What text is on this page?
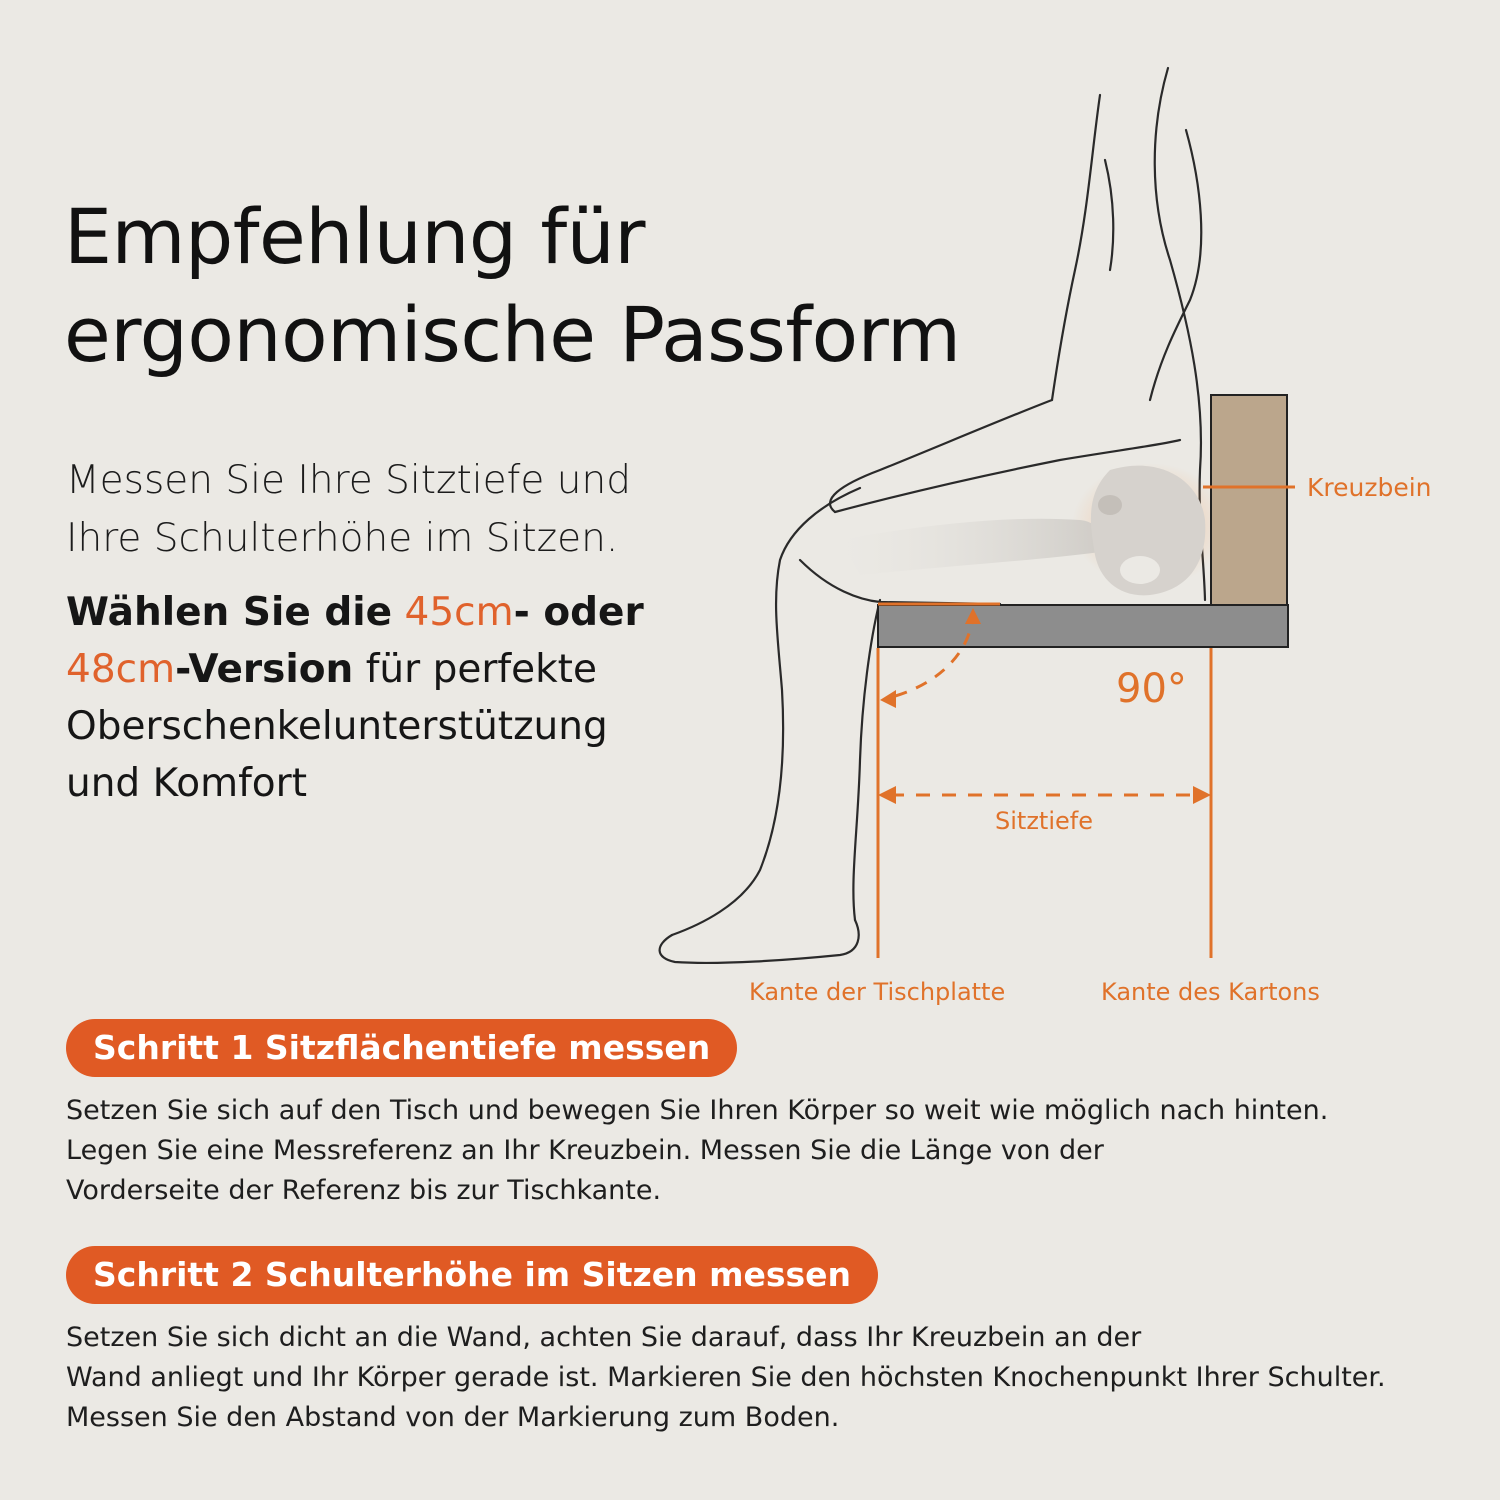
Kreuzbein
90°
Sitztiefe
Kante der Tischplatte	Kante des Kartons
Empfehlung für
ergonomische Passform
Messen Sie Ihre Sitztiefe und
Ihre Schulterhöhe im Sitzen.
Wählen Sie die 45cm- oder
48cm-Version für perfekte
Oberschenkelunterstützung
und Komfort
Schritt 1 Sitzflächentiefe messen
Setzen Sie sich auf den Tisch und bewegen Sie Ihren Körper so weit wie möglich nach hinten.
Legen Sie eine Messreferenz an Ihr Kreuzbein. Messen Sie die Länge von der
Vorderseite der Referenz bis zur Tischkante.
Schritt 2 Schulterhöhe im Sitzen messen
Setzen Sie sich dicht an die Wand, achten Sie darauf, dass Ihr Kreuzbein an der
Wand anliegt und Ihr Körper gerade ist. Markieren Sie den höchsten Knochenpunkt Ihrer Schulter.
Messen Sie den Abstand von der Markierung zum Boden.
